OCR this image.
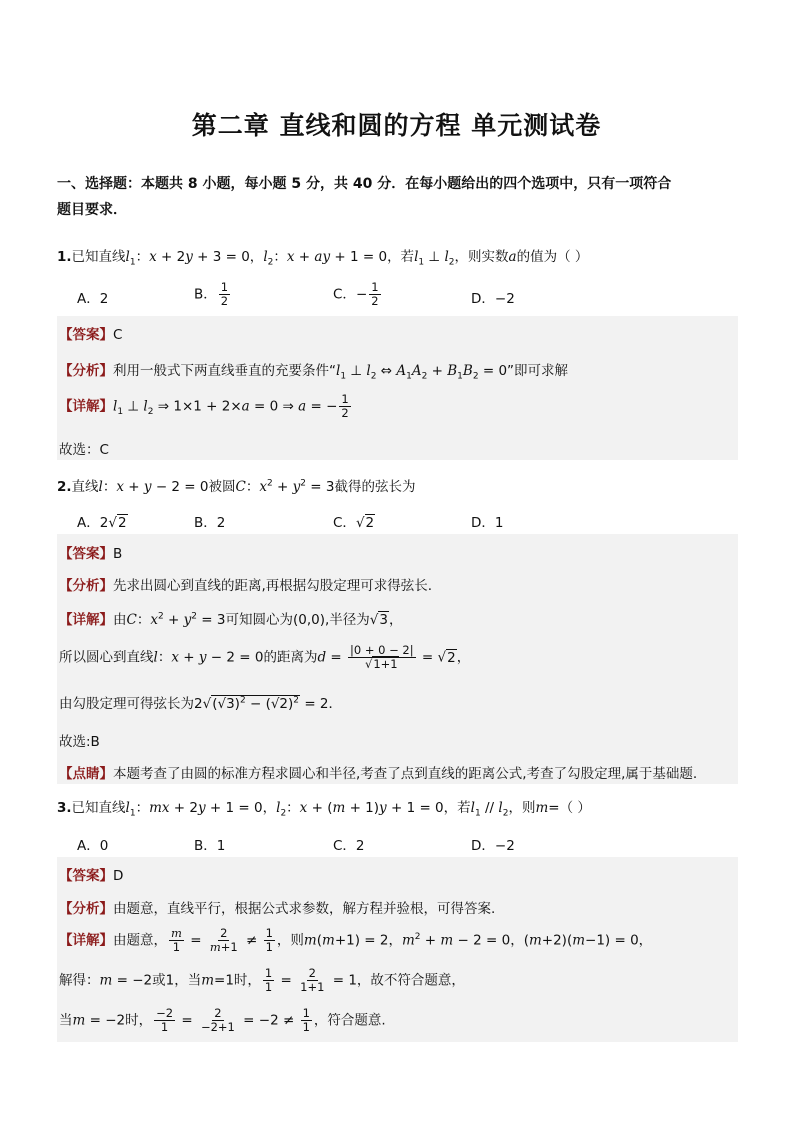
第二章 直线和圆的方程 单元测试卷
一、选择题：本题共 8 小题，每小题 5 分，共 40 分．在每小题给出的四个选项中，只有一项符合
题目要求．
1.已知直线$l_1$：x + 2y + 3 = 0，$l_2$：x + ay + 1 = 0，若$l_1$ ⊥ $l_2$，则实数a的值为（ ）
A．2	B． $\frac{1}{2}$	C．− $\frac{1}{2}$	D．−2
【答案】C
【分析】利用一般式下两直线垂直的充要条件“$l_1$ ⊥ $l_2$ ⇔ $A_1A_2 + B_1B_2 = 0$”即可求解
【详解】$l_1$ ⊥ $l_2$ ⇒ 1×1 + 2×a = 0 ⇒ a = − $\frac{1}{2}$
故选：C
2.直线l：x + y − 2 = 0被圆C：$x^2 + y^2 = 3$截得的弦长为
A．2√2	B．2	C．√2	D．1
【答案】B
【分析】先求出圆心到直线的距离,再根据勾股定理可求得弦长.
【详解】由C：$x^2 + y^2 = 3$可知圆心为(0,0),半径为√3，
所以圆心到直线l：x + y − 2 = 0的距离为$d = \frac{|0 + 0 - 2|}{√1+1} = √2$，
由勾股定理可得弦长为$2√(√3)^2 - (√2)^2 = 2$．
故选:B
【点睛】本题考查了由圆的标准方程求圆心和半径,考查了点到直线的距离公式,考查了勾股定理,属于基础题.
3.已知直线$l_1$：mx + 2y + 1 = 0，$l_2$：x + (m + 1)y + 1 = 0，若$l_1 // l_2$，则m=（ ）
A．0	B．1	C．2	D．−2
【答案】D
【分析】由题意，直线平行，根据公式求参数，解方程并验根，可得答案.
【详解】由题意， $\frac{m}{1} = \frac{2}{m+1} \ne \frac{1}{1}$ ，则m(m+1) = 2，$m^2 + m - 2 = 0$，(m+2)(m−1) = 0，
解得：m = −2或1，当m=1时， $\frac{1}{1} = \frac{2}{1+1} = 1$，故不符合题意，
当m = −2时， $\frac{-2}{1} = \frac{2}{-2+1} = -2 \ne \frac{1}{1}$ ，符合题意.
